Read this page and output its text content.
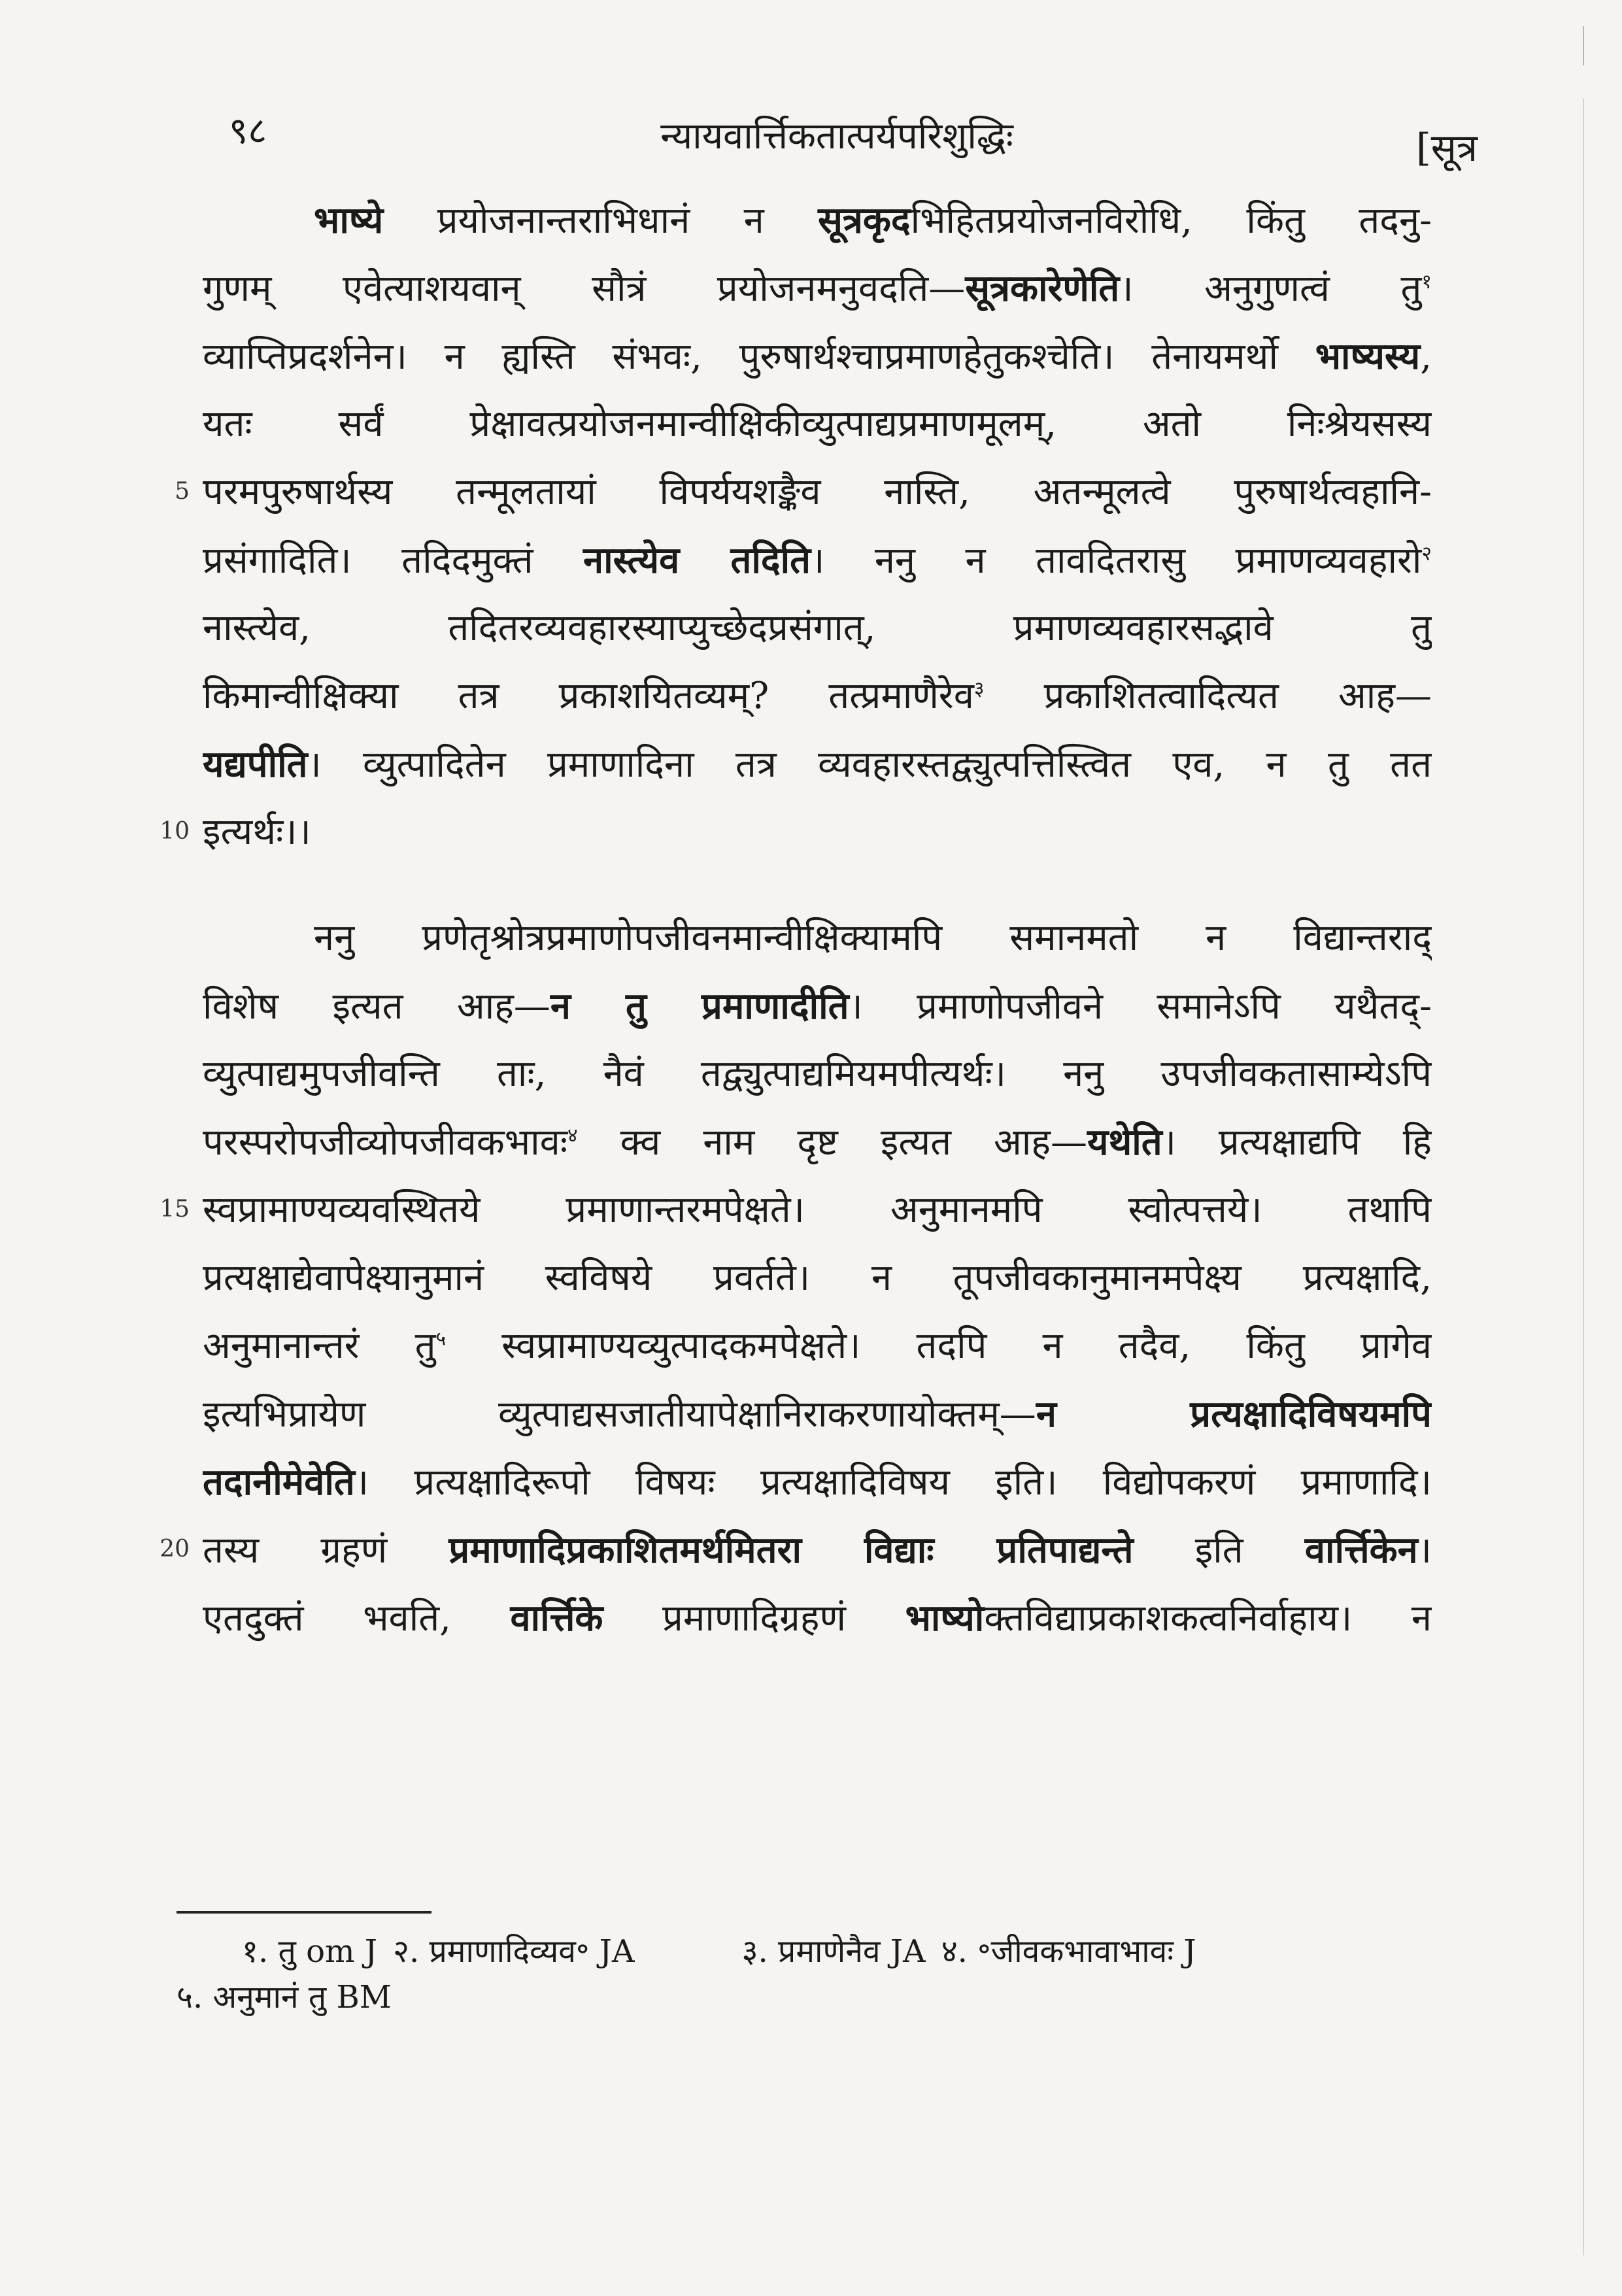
९८	न्यायवार्त्तिकतात्पर्यपरिशुद्धिः	[सूत्र
भाष्ये प्रयोजनान्तराभिधानं न सूत्रकृदभिहितप्रयोजनविरोधि, किंतु तदनु-
गुणम् एवेत्याशयवान् सौत्रं प्रयोजनमनुवदति—सूत्रकारेणेति। अनुगुणत्वं तु$^१$
व्याप्तिप्रदर्शनेन। न ह्यस्ति संभवः, पुरुषार्थश्चाप्रमाणहेतुकश्चेति। तेनायमर्थो भाष्यस्य,
यतः सर्वं प्रेक्षावत्प्रयोजनमान्वीक्षिकीव्युत्पाद्यप्रमाणमूलम्, अतो निःश्रेयसस्य
परमपुरुषार्थस्य तन्मूलतायां विपर्ययशङ्कैव नास्ति, अतन्मूलत्वे पुरुषार्थत्वहानि-
प्रसंगादिति। तदिदमुक्तं नास्त्येव तदिति। ननु न तावदितरासु प्रमाणव्यवहारो$^२$
नास्त्येव, तदितरव्यवहारस्याप्युच्छेदप्रसंगात्, प्रमाणव्यवहारसद्भावे तु
किमान्वीक्षिक्या तत्र प्रकाशयितव्यम्? तत्प्रमाणैरेव$^३$ प्रकाशितत्वादित्यत आह—
यद्यपीति। व्युत्पादितेन प्रमाणादिना तत्र व्यवहारस्तद्व्युत्पत्तिस्त्वित एव, न तु तत
इत्यर्थः।।
ननु प्रणेतृश्रोत्रप्रमाणोपजीवनमान्वीक्षिक्यामपि समानमतो न विद्यान्तराद्
विशेष इत्यत आह—न तु प्रमाणादीति। प्रमाणोपजीवने समानेऽपि यथैतद्-
व्युत्पाद्यमुपजीवन्ति ताः, नैवं तद्व्युत्पाद्यमियमपीत्यर्थः। ननु उपजीवकतासाम्येऽपि
परस्परोपजीव्योपजीवकभावः$^४$ क्व नाम दृष्ट इत्यत आह—यथेति। प्रत्यक्षाद्यपि हि
स्वप्रामाण्यव्यवस्थितये प्रमाणान्तरमपेक्षते। अनुमानमपि स्वोत्पत्तये। तथापि
प्रत्यक्षाद्येवापेक्ष्यानुमानं स्वविषये प्रवर्तते। न तूपजीवकानुमानमपेक्ष्य प्रत्यक्षादि,
अनुमानान्तरं तु$^५$ स्वप्रामाण्यव्युत्पादकमपेक्षते। तदपि न तदैव, किंतु प्रागेव
इत्यभिप्रायेण व्युत्पाद्यसजातीयापेक्षानिराकरणायोक्तम्—न प्रत्यक्षादिविषयमपि
तदानीमेवेति। प्रत्यक्षादिरूपो विषयः प्रत्यक्षादिविषय इति। विद्योपकरणं प्रमाणादि।
तस्य ग्रहणं प्रमाणादिप्रकाशितमर्थमितरा विद्याः प्रतिपाद्यन्ते इति वार्त्तिकेन।
एतदुक्तं भवति, वार्त्तिके प्रमाणादिग्रहणं भाष्योक्तविद्याप्रकाशकत्वनिर्वाहाय। न
१. तु om J २. प्रमाणादिव्यव॰ JA	३. प्रमाणेनैव JA ४. ॰जीवकभावाभावः J
५. अनुमानं तु BM
5
10
15
20
